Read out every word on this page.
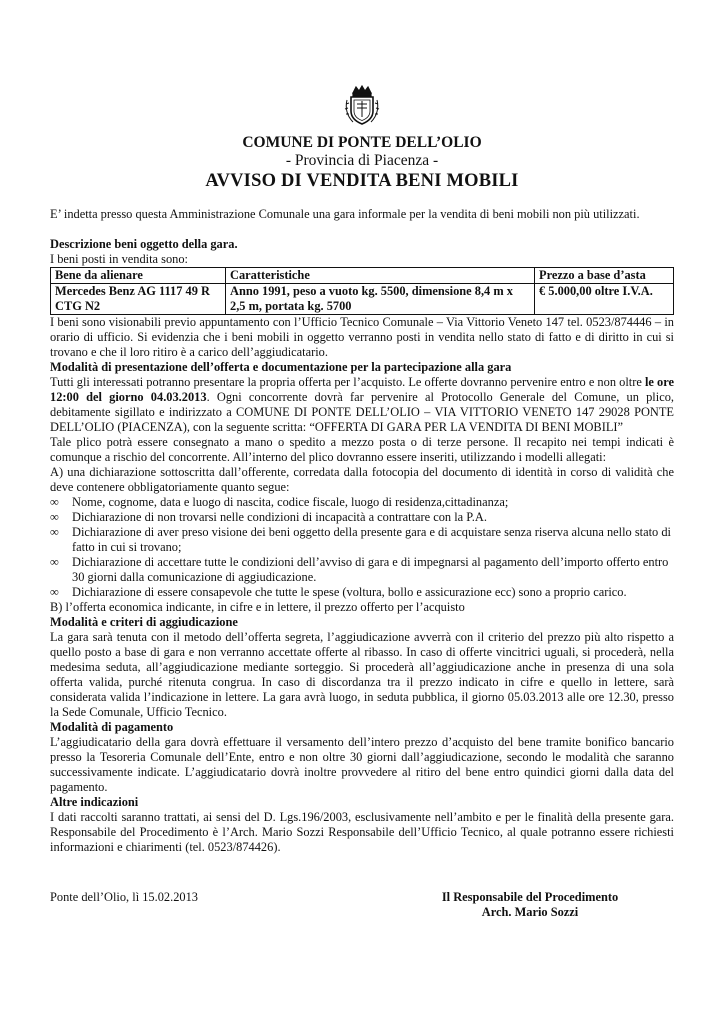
COMUNE DI PONTE DELL’OLIO
- Provincia di Piacenza -
AVVISO DI VENDITA BENI MOBILI

E’ indetta presso questa Amministrazione Comunale una gara informale per la vendita di beni mobili non più utilizzati.

Descrizione beni oggetto della gara.

I beni posti in vendita sono:

Bene da alienare	Caratteristiche	Prezzo a base d’asta
Mercedes Benz AG 1117 49 R CTG N2	Anno 1991, peso a vuoto kg. 5500, dimensione 8,4 m x 2,5 m, portata kg. 5700	€ 5.000,00 oltre I.V.A.

I beni sono visionabili previo appuntamento con l’Ufficio Tecnico Comunale – Via Vittorio Veneto 147 tel. 0523/874446 – in orario di ufficio. Si evidenzia che i beni mobili in oggetto verranno posti in vendita nello stato di fatto e di diritto in cui si trovano e che il loro ritiro è a carico dell’aggiudicatario.

Modalità di presentazione dell’offerta e documentazione per la partecipazione alla gara

Tutti gli interessati potranno presentare la propria offerta per l’acquisto. Le offerte dovranno pervenire entro e non oltre le ore 12:00 del giorno 04.03.2013. Ogni concorrente dovrà far pervenire al Protocollo Generale del Comune, un plico, debitamente sigillato e indirizzato a COMUNE DI PONTE DELL’OLIO – VIA VITTORIO VENETO 147 29028 PONTE DELL’OLIO (PIACENZA), con la seguente scritta: “OFFERTA DI GARA PER LA VENDITA DI BENI MOBILI”

Tale plico potrà essere consegnato a mano o spedito a mezzo posta o di terze persone. Il recapito nei tempi indicati è comunque a rischio del concorrente. All’interno del plico dovranno essere inseriti, utilizzando i modelli allegati:

A) una dichiarazione sottoscritta dall’offerente, corredata dalla fotocopia del documento di identità in corso di validità che deve contenere obbligatoriamente quanto segue:

∞ Nome, cognome, data e luogo di nascita, codice fiscale, luogo di residenza,cittadinanza;
∞ Dichiarazione di non trovarsi nelle condizioni di incapacità a contrattare con la P.A.
∞ Dichiarazione di aver preso visione dei beni oggetto della presente gara e di acquistare senza riserva alcuna nello stato di fatto in cui si trovano;
∞ Dichiarazione di accettare tutte le condizioni dell’avviso di gara e di impegnarsi al pagamento dell’importo offerto entro 30 giorni dalla comunicazione di aggiudicazione.
∞ Dichiarazione di essere consapevole che tutte le spese (voltura, bollo e assicurazione ecc) sono a proprio carico.

B) l’offerta economica indicante, in cifre e in lettere, il prezzo offerto per l’acquisto

Modalità e criteri di aggiudicazione

La gara sarà tenuta con il metodo dell’offerta segreta, l’aggiudicazione avverrà con il criterio del prezzo più alto rispetto a quello posto a base di gara e non verranno accettate offerte al ribasso. In caso di offerte vincitrici uguali, si procederà, nella medesima seduta, all’aggiudicazione mediante sorteggio. Si procederà all’aggiudicazione anche in presenza di una sola offerta valida, purché ritenuta congrua. In caso di discordanza tra il prezzo indicato in cifre e quello in lettere, sarà considerata valida l’indicazione in lettere. La gara avrà luogo, in seduta pubblica, il giorno 05.03.2013 alle ore 12.30, presso la Sede Comunale, Ufficio Tecnico.

Modalità di pagamento

L’aggiudicatario della gara dovrà effettuare il versamento dell’intero prezzo d’acquisto del bene tramite bonifico bancario presso la Tesoreria Comunale dell’Ente, entro e non oltre 30 giorni dall’aggiudicazione, secondo le modalità che saranno successivamente indicate. L’aggiudicatario dovrà inoltre provvedere al ritiro del bene entro quindici giorni dalla data del pagamento.

Altre indicazioni

I dati raccolti saranno trattati, ai sensi del D. Lgs.196/2003, esclusivamente nell’ambito e per le finalità della presente gara. Responsabile del Procedimento è l’Arch. Mario Sozzi Responsabile dell’Ufficio Tecnico, al quale potranno essere richiesti informazioni e chiarimenti (tel. 0523/874426).

Ponte dell’Olio, lì 15.02.2013	Il Responsabile del Procedimento
Arch. Mario Sozzi
